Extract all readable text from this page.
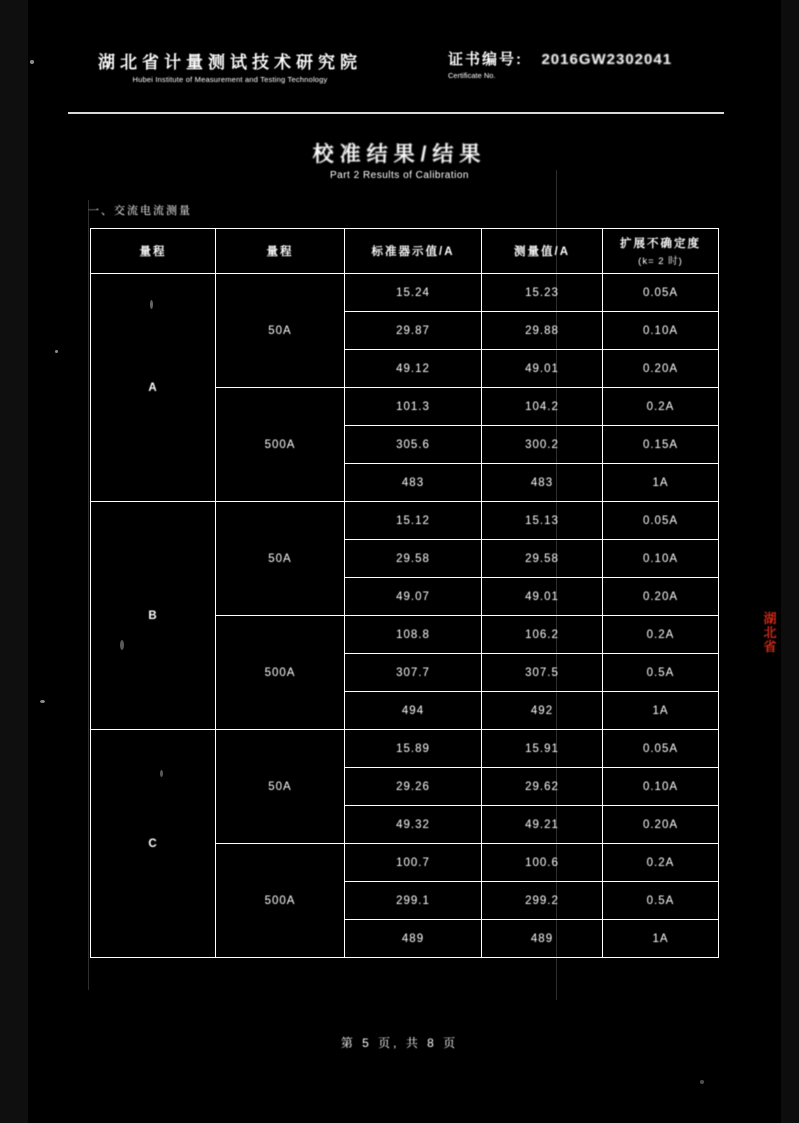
湖北省计量测试技术研究院
Hubei Institute of Measurement and Testing Technology
证书编号: 2016GW2302041
Certificate No.
校准结果/结果
Part 2 Results of Calibration
一、交流电流测量
量程	量程	标准器示值/A	测量值/A	扩展不确定度
(k= 2 时)

A	50A	15.24	15.23	0.05A
		29.87	29.88	0.10A
		49.12	49.01	0.20A
	500A	101.3	104.2	0.2A
		305.6	300.2	0.15A
		483	483	1A
B	50A	15.12	15.13	0.05A
		29.58	29.58	0.10A
		49.07	49.01	0.20A
	500A	108.8	106.2	0.2A
		307.7	307.5	0.5A
		494	492	1A
C	50A	15.89	15.91	0.05A
		29.26	29.62	0.10A
		49.32	49.21	0.20A
	500A	100.7	100.6	0.2A
		299.1	299.2	0.5A
		489	489	1A
湖
北
省
第 5 页, 共 8 页
